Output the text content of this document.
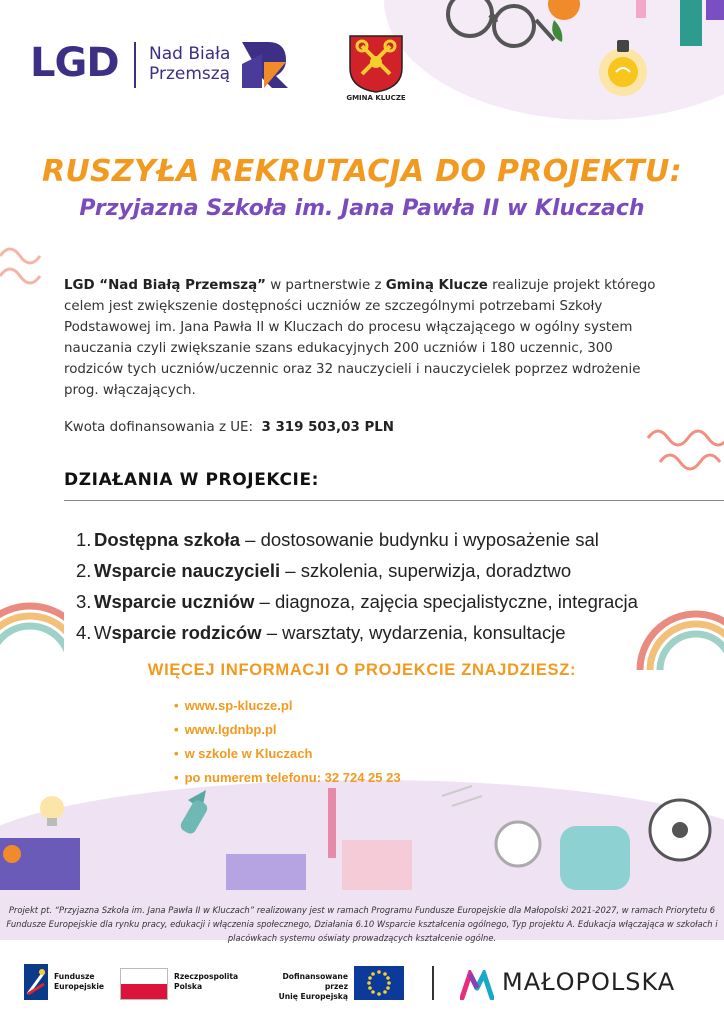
LGD Nad Biała
Przemszą
GMINA KLUCZE
RUSZYŁA REKRUTACJA DO PROJEKTU:
Przyjazna Szkoła im. Jana Pawła II w Kluczach
LGD “Nad Białą Przemszą” w partnerstwie z Gminą Klucze realizuje projekt którego celem jest zwiększenie dostępności uczniów ze szczególnymi potrzebami Szkoły Podstawowej im. Jana Pawła II w Kluczach do procesu włączającego w ogólny system nauczania czyli zwiększanie szans edukacyjnych 200 uczniów i 180 uczennic, 300 rodziców tych uczniów/uczennic oraz 32 nauczycieli i nauczycielek poprzez wdrożenie prog. włączających.
Kwota dofinansowania z UE: 3 319 503,03 PLN
DZIAŁANIA W PROJEKCIE:
1. Dostępna szkoła – dostosowanie budynku i wyposażenie sal
2. Wsparcie nauczycieli – szkolenia, superwizja, doradztwo
3. Wsparcie uczniów – diagnoza, zajęcia specjalistyczne, integracja
4. Wsparcie rodziców – warsztaty, wydarzenia, konsultacje
WIĘCEJ INFORMACJI O PROJEKCIE ZNAJDZIESZ:
• www.sp-klucze.pl
• www.lgdnbp.pl
• w szkole w Kluczach
• po numerem telefonu: 32 724 25 23
Projekt pt. “Przyjazna Szkoła im. Jana Pawła II w Kluczach” realizowany jest w ramach Programu Fundusze Europejskie dla Małopolski 2021-2027, w ramach Priorytetu 6 Fundusze Europejskie dla rynku pracy, edukacji i włączenia społecznego, Działania 6.10 Wsparcie kształcenia ogólnego, Typ projektu A. Edukacja włączająca w szkołach i placówkach systemu oświaty prowadzących kształcenie ogólne.
Fundusze
Europejskie
Rzeczpospolita
Polska
Dofinansowane przez
Unię Europejską
MAŁOPOLSKA
